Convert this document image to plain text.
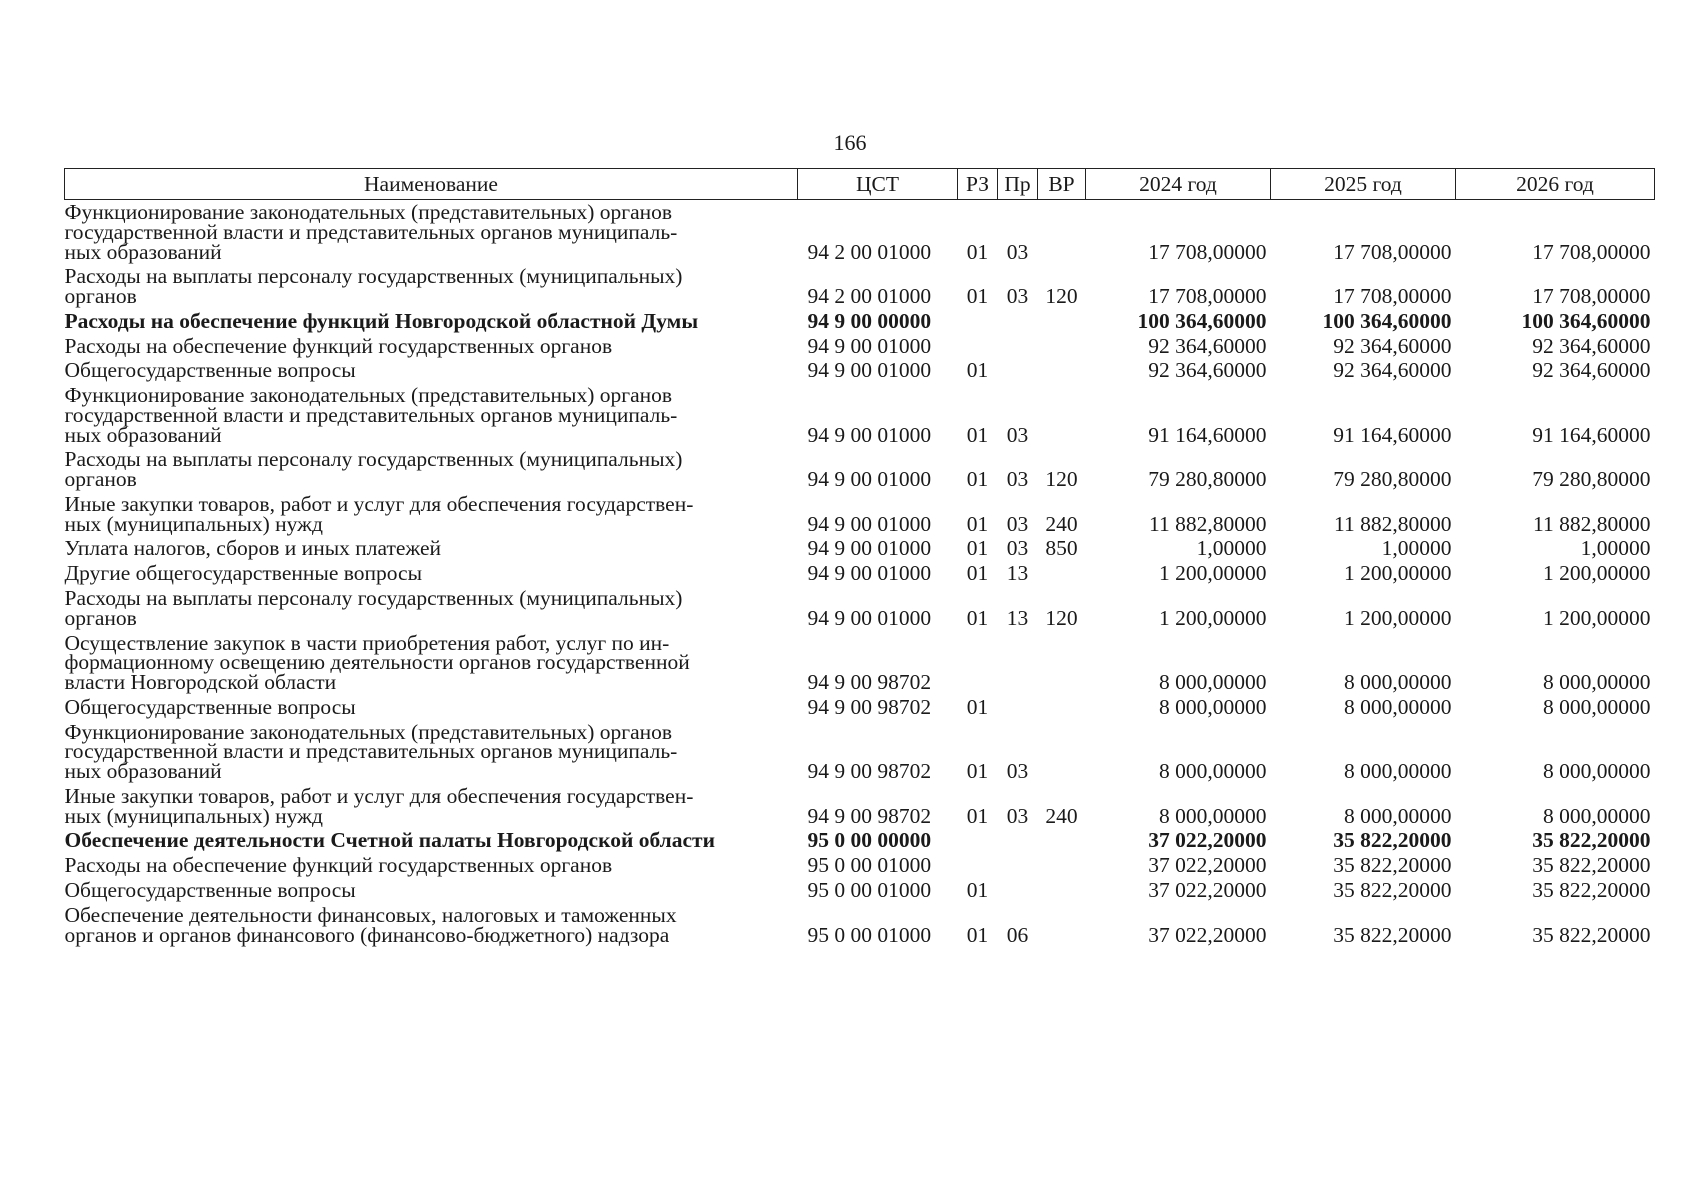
166
Наименование	ЦСТ	РЗ	Пр	ВР	2024 год	2025 год	2026 год

Функционирование законодательных (представительных) органов
государственной власти и представительных органов муниципаль-
ных образований	94 2 00 01000	01	03		17 708,00000	17 708,00000	17 708,00000

Расходы на выплаты персоналу государственных (муниципальных)
органов	94 2 00 01000	01	03	120	17 708,00000	17 708,00000	17 708,00000

Расходы на обеспечение функций Новгородской областной Думы	94 9 00 00000				100 364,60000	100 364,60000	100 364,60000

Расходы на обеспечение функций государственных органов	94 9 00 01000				92 364,60000	92 364,60000	92 364,60000

Общегосударственные вопросы	94 9 00 01000	01			92 364,60000	92 364,60000	92 364,60000

Функционирование законодательных (представительных) органов
государственной власти и представительных органов муниципаль-
ных образований	94 9 00 01000	01	03		91 164,60000	91 164,60000	91 164,60000

Расходы на выплаты персоналу государственных (муниципальных)
органов	94 9 00 01000	01	03	120	79 280,80000	79 280,80000	79 280,80000

Иные закупки товаров, работ и услуг для обеспечения государствен-
ных (муниципальных) нужд	94 9 00 01000	01	03	240	11 882,80000	11 882,80000	11 882,80000

Уплата налогов, сборов и иных платежей	94 9 00 01000	01	03	850	1,00000	1,00000	1,00000

Другие общегосударственные вопросы	94 9 00 01000	01	13		1 200,00000	1 200,00000	1 200,00000

Расходы на выплаты персоналу государственных (муниципальных)
органов	94 9 00 01000	01	13	120	1 200,00000	1 200,00000	1 200,00000

Осуществление закупок в части приобретения работ, услуг по ин-
формационному освещению деятельности органов государственной
власти Новгородской области	94 9 00 98702				8 000,00000	8 000,00000	8 000,00000

Общегосударственные вопросы	94 9 00 98702	01			8 000,00000	8 000,00000	8 000,00000

Функционирование законодательных (представительных) органов
государственной власти и представительных органов муниципаль-
ных образований	94 9 00 98702	01	03		8 000,00000	8 000,00000	8 000,00000

Иные закупки товаров, работ и услуг для обеспечения государствен-
ных (муниципальных) нужд	94 9 00 98702	01	03	240	8 000,00000	8 000,00000	8 000,00000

Обеспечение деятельности Счетной палаты Новгородской области	95 0 00 00000				37 022,20000	35 822,20000	35 822,20000

Расходы на обеспечение функций государственных органов	95 0 00 01000				37 022,20000	35 822,20000	35 822,20000

Общегосударственные вопросы	95 0 00 01000	01			37 022,20000	35 822,20000	35 822,20000

Обеспечение деятельности финансовых, налоговых и таможенных
органов и органов финансового (финансово-бюджетного) надзора	95 0 00 01000	01	06		37 022,20000	35 822,20000	35 822,20000
